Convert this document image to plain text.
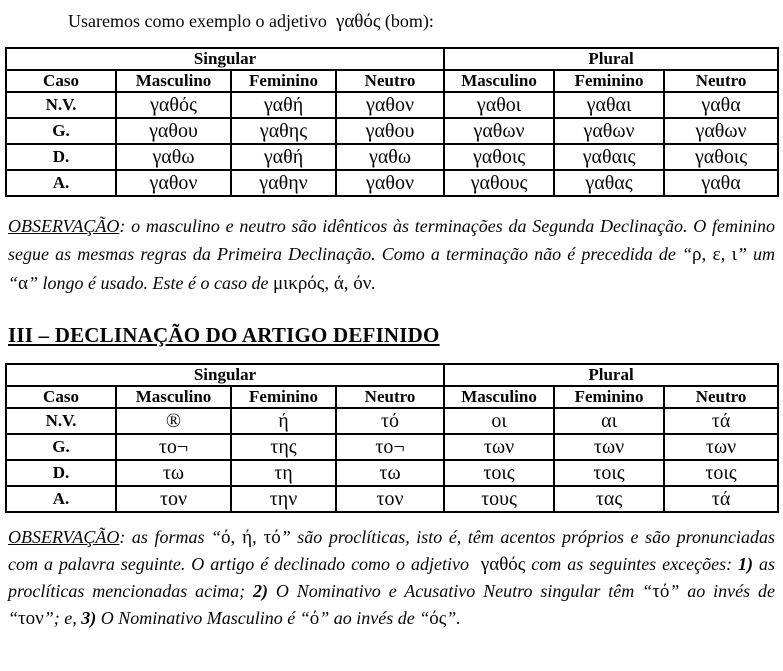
Usaremos como exemplo o adjetivo  γαθός (bom):

Singular				Plural		
Caso	Masculino	Feminino	Neutro	Masculino	Feminino	Neutro
N.V.	γαθός	γαθή	γαθον	γαθοι	γαθαι	γαθα
G.	γαθου	γαθης	γαθου	γαθων	γαθων	γαθων
D.	γαθω	γαθή	γαθω	γαθοις	γαθαις	γαθοις
A.	γαθον	γαθην	γαθον	γαθους	γαθας	γαθα

OBSERVAÇÃO: o masculino e neutro são idênticos às terminações da Segunda Declinação. O feminino segue as mesmas regras da Primeira Declinação. Como a terminação não é precedida de “ρ, ε, ι” um “α” longo é usado. Este é o caso de μικρός, ά, όν.

III – DECLINAÇÃO DO ARTIGO DEFINIDO
Singular				Plural		
Caso	Masculino	Feminino	Neutro	Masculino	Feminino	Neutro
N.V.	®	ή	τό	οι	αι	τά
G.	το¬	της	το¬	των	των	των
D.	τω	τη	τω	τοις	τοις	τοις
A.	τον	την	τον	τους	τας	τά

OBSERVAÇÃO: as formas “ό, ή, τό” são proclíticas, isto é, têm acentos próprios e são pronunciadas com a palavra seguinte. O artigo é declinado como o adjetivo  γαθός com as seguintes exceções: 1) as proclíticas mencionadas acima; 2) O Nominativo e Acusativo Neutro singular têm “τό” ao invés de “τον”; e, 3) O Nominativo Masculino é “ό” ao invés de “ός”.
